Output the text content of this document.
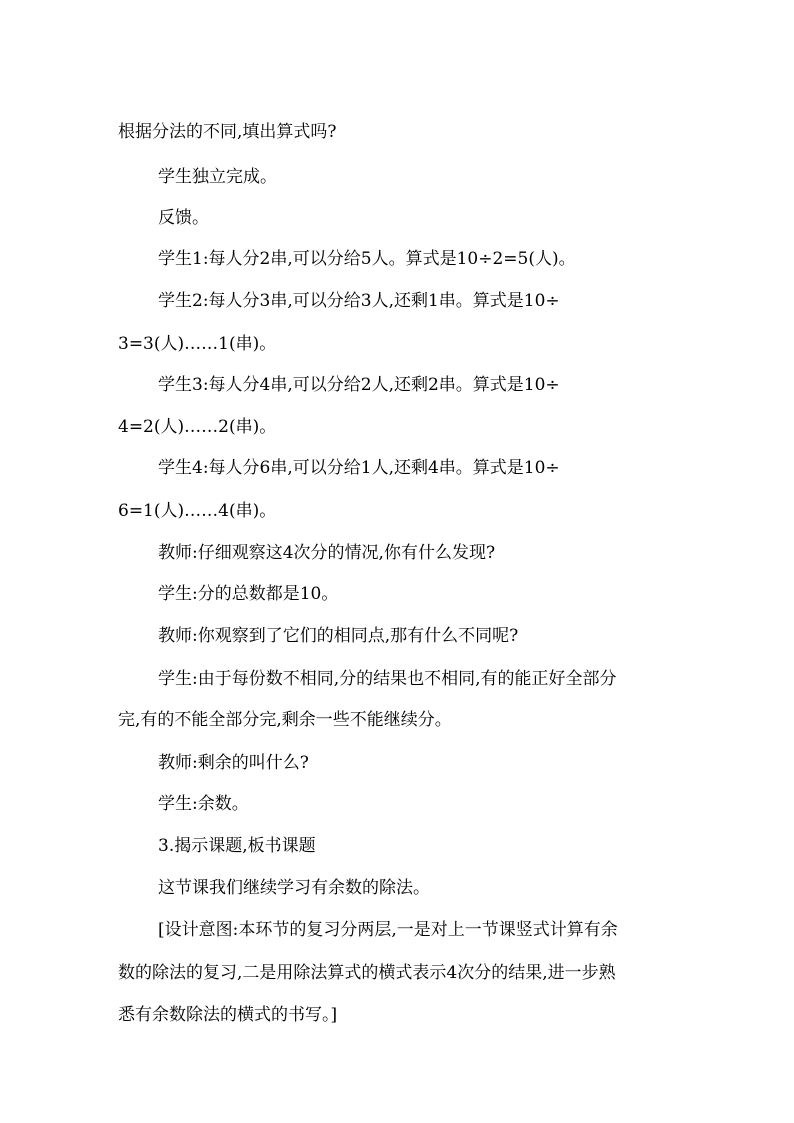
根据分法的不同,填出算式吗?

学生独立完成。

反馈。

学生1:每人分2串,可以分给5人。算式是10÷2=5(人)。

学生2:每人分3串,可以分给3人,还剩1串。算式是10÷

3=3(人)……1(串)。

学生3:每人分4串,可以分给2人,还剩2串。算式是10÷

4=2(人)……2(串)。

学生4:每人分6串,可以分给1人,还剩4串。算式是10÷

6=1(人)……4(串)。

教师:仔细观察这4次分的情况,你有什么发现?

学生:分的总数都是10。

教师:你观察到了它们的相同点,那有什么不同呢?

学生:由于每份数不相同,分的结果也不相同,有的能正好全部分

完,有的不能全部分完,剩余一些不能继续分。

教师:剩余的叫什么?

学生:余数。

3.揭示课题,板书课题

这节课我们继续学习有余数的除法。

[设计意图:本环节的复习分两层,一是对上一节课竖式计算有余

数的除法的复习,二是用除法算式的横式表示4次分的结果,进一步熟

悉有余数除法的横式的书写。]
